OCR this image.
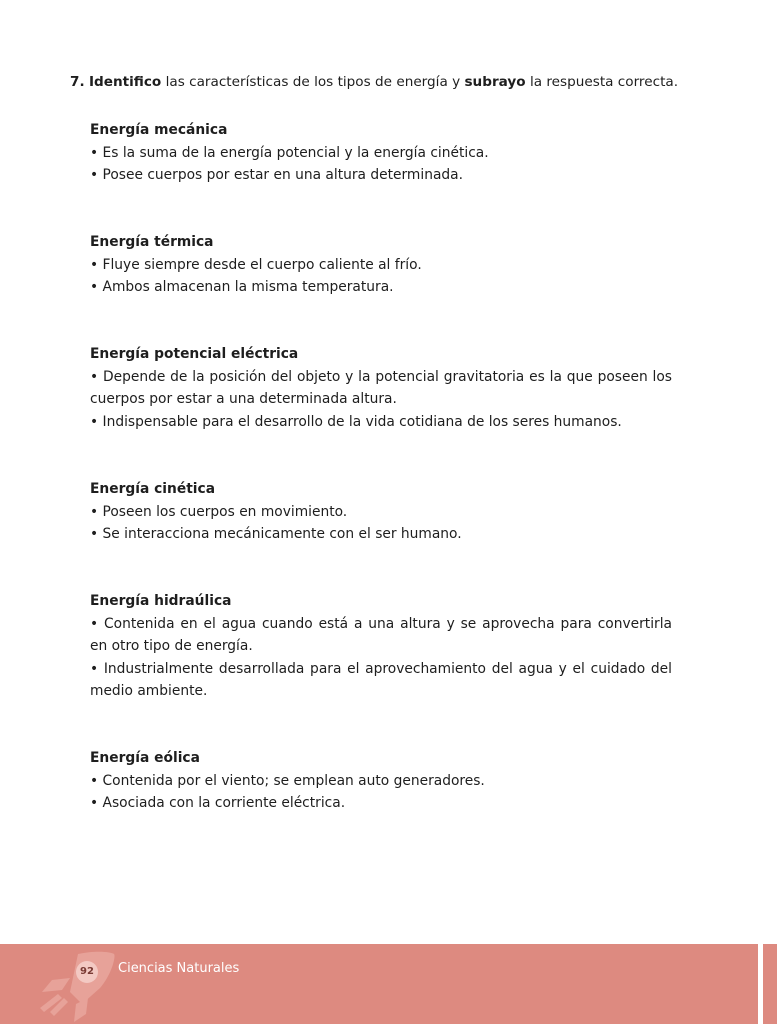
7. Identifico las características de los tipos de energía y subrayo la respuesta correcta.
Energía mecánica
• Es la suma de la energía potencial y la energía cinética.
• Posee cuerpos por estar en una altura determinada.
Energía térmica
• Fluye siempre desde el cuerpo caliente al frío.
• Ambos almacenan la misma temperatura.
Energía potencial eléctrica
• Depende de la posición del objeto y la potencial gravitatoria es la que poseen los cuerpos por estar a una determinada altura.
• Indispensable para el desarrollo de la vida cotidiana de los seres humanos.
Energía cinética
• Poseen los cuerpos en movimiento.
• Se interacciona mecánicamente con el ser humano.
Energía hidraúlica
• Contenida en el agua cuando está a una altura y se aprovecha para convertirla en otro tipo de energía.
• Industrialmente desarrollada para el aprovechamiento del agua y el cuidado del medio ambiente.
Energía eólica
• Contenida por el viento; se emplean auto generadores.
• Asociada con la corriente eléctrica.
92	Ciencias Naturales
